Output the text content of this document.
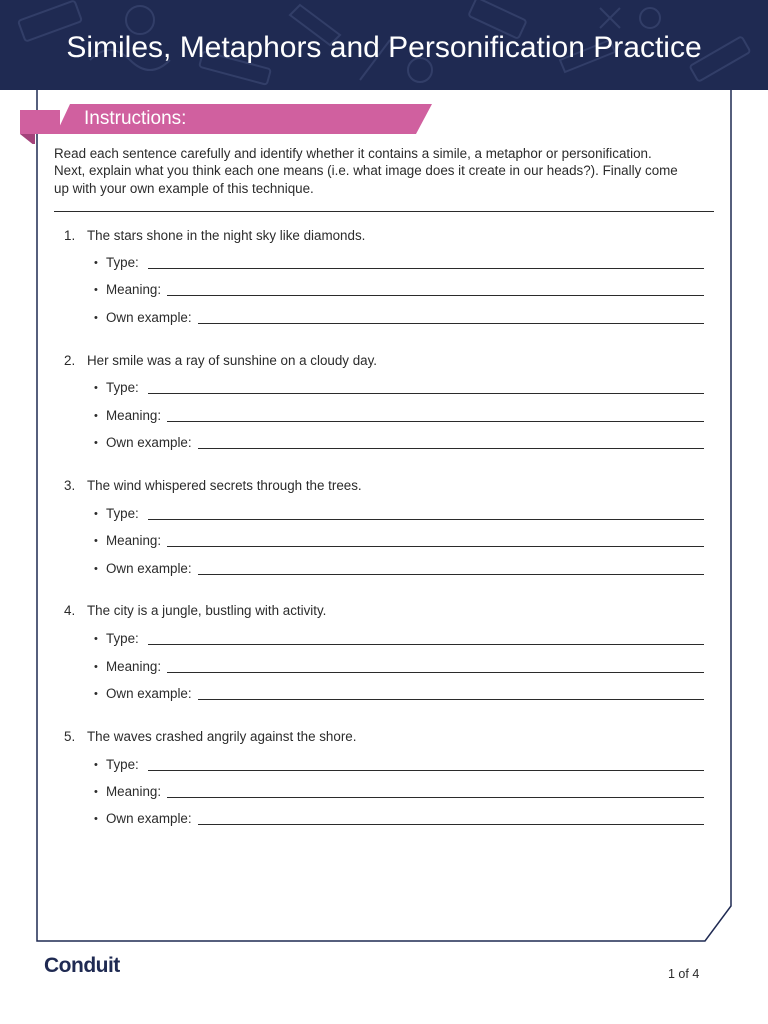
Similes, Metaphors and Personification Practice
Instructions:
Read each sentence carefully and identify whether it contains a simile, a metaphor or personification.
Next, explain what you think each one means (i.e. what image does it create in our heads?). Finally come
up with your own example of this technique.
1. The stars shone in the night sky like diamonds.
• Type:
• Meaning:
• Own example:
2. Her smile was a ray of sunshine on a cloudy day.
• Type:
• Meaning:
• Own example:
3. The wind whispered secrets through the trees.
• Type:
• Meaning:
• Own example:
4. The city is a jungle, bustling with activity.
• Type:
• Meaning:
• Own example:
5. The waves crashed angrily against the shore.
• Type:
• Meaning:
• Own example:
Conduit	1 of 4
